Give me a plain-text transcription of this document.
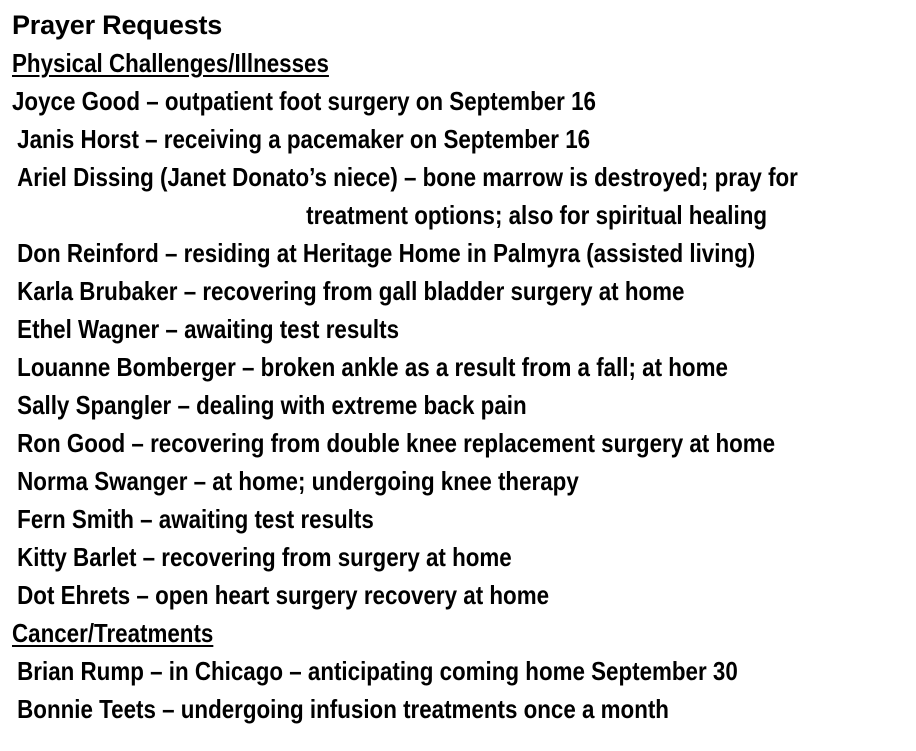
Prayer Requests
Physical Challenges/Illnesses
Joyce Good – outpatient foot surgery on September 16
Janis Horst – receiving a pacemaker on September 16
Ariel Dissing (Janet Donato’s niece) – bone marrow is destroyed; pray for
treatment options; also for spiritual healing
Don Reinford – residing at Heritage Home in Palmyra (assisted living)
Karla Brubaker – recovering from gall bladder surgery at home
Ethel Wagner – awaiting test results
Louanne Bomberger – broken ankle as a result from a fall; at home
Sally Spangler – dealing with extreme back pain
Ron Good – recovering from double knee replacement surgery at home
Norma Swanger – at home; undergoing knee therapy
Fern Smith – awaiting test results
Kitty Barlet – recovering from surgery at home
Dot Ehrets – open heart surgery recovery at home
Cancer/Treatments
Brian Rump – in Chicago – anticipating coming home September 30
Bonnie Teets – undergoing infusion treatments once a month
